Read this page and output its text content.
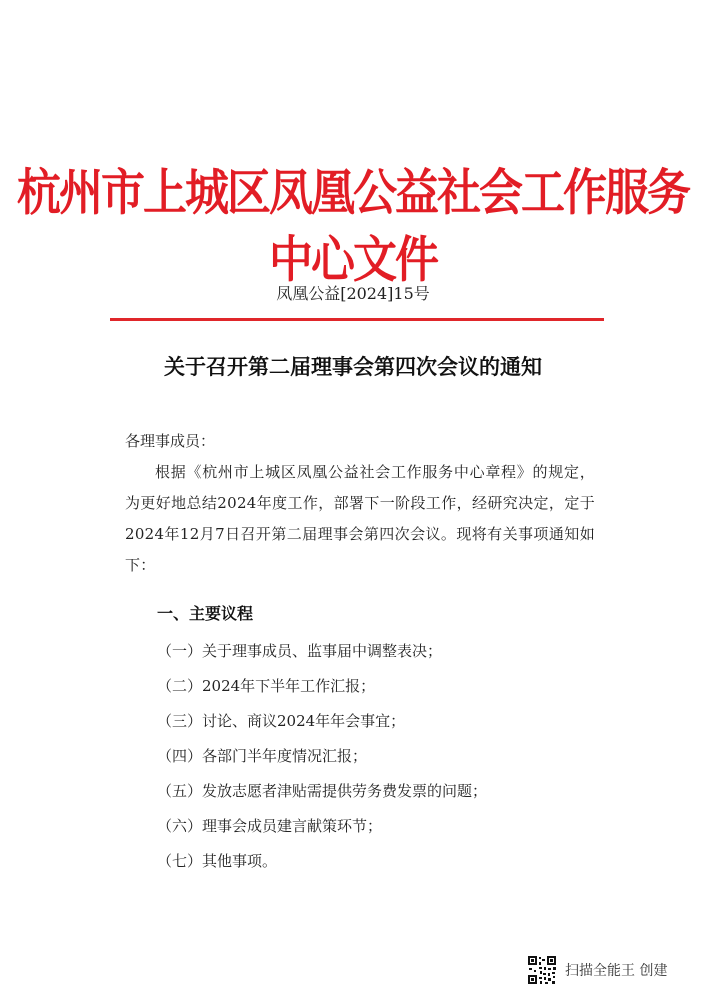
杭州市上城区凤凰公益社会工作服务中心文件
凤凰公益[2024]15号
关于召开第二届理事会第四次会议的通知
各理事成员：
根据《杭州市上城区凤凰公益社会工作服务中心章程》的规定，为更好地总结2024年度工作，部署下一阶段工作，经研究决定，定于2024年12月7日召开第二届理事会第四次会议。现将有关事项通知如下：
一、主要议程
（一）关于理事成员、监事届中调整表决；
（二）2024年下半年工作汇报；
（三）讨论、商议2024年年会事宜；
（四）各部门半年度情况汇报；
（五）发放志愿者津贴需提供劳务费发票的问题；
（六）理事会成员建言献策环节；
（七）其他事项。
扫描全能王 创建
